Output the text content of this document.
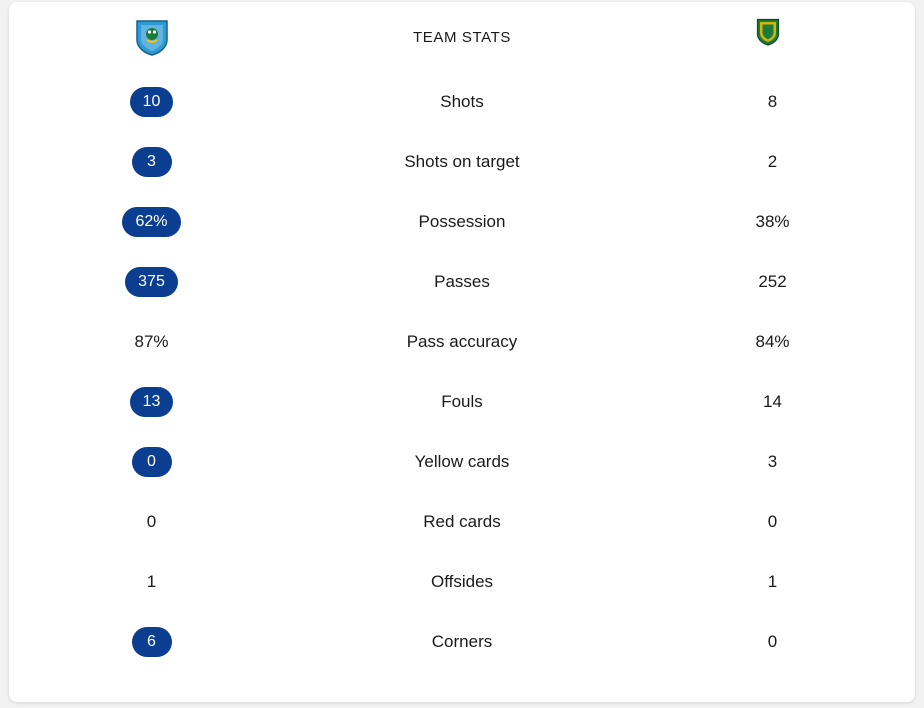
TEAM STATS
10	Shots	8
3	Shots on target	2
62%	Possession	38%
375	Passes	252
87%	Pass accuracy	84%
13	Fouls	14
0	Yellow cards	3
0	Red cards	0
1	Offsides	1
6	Corners	0
